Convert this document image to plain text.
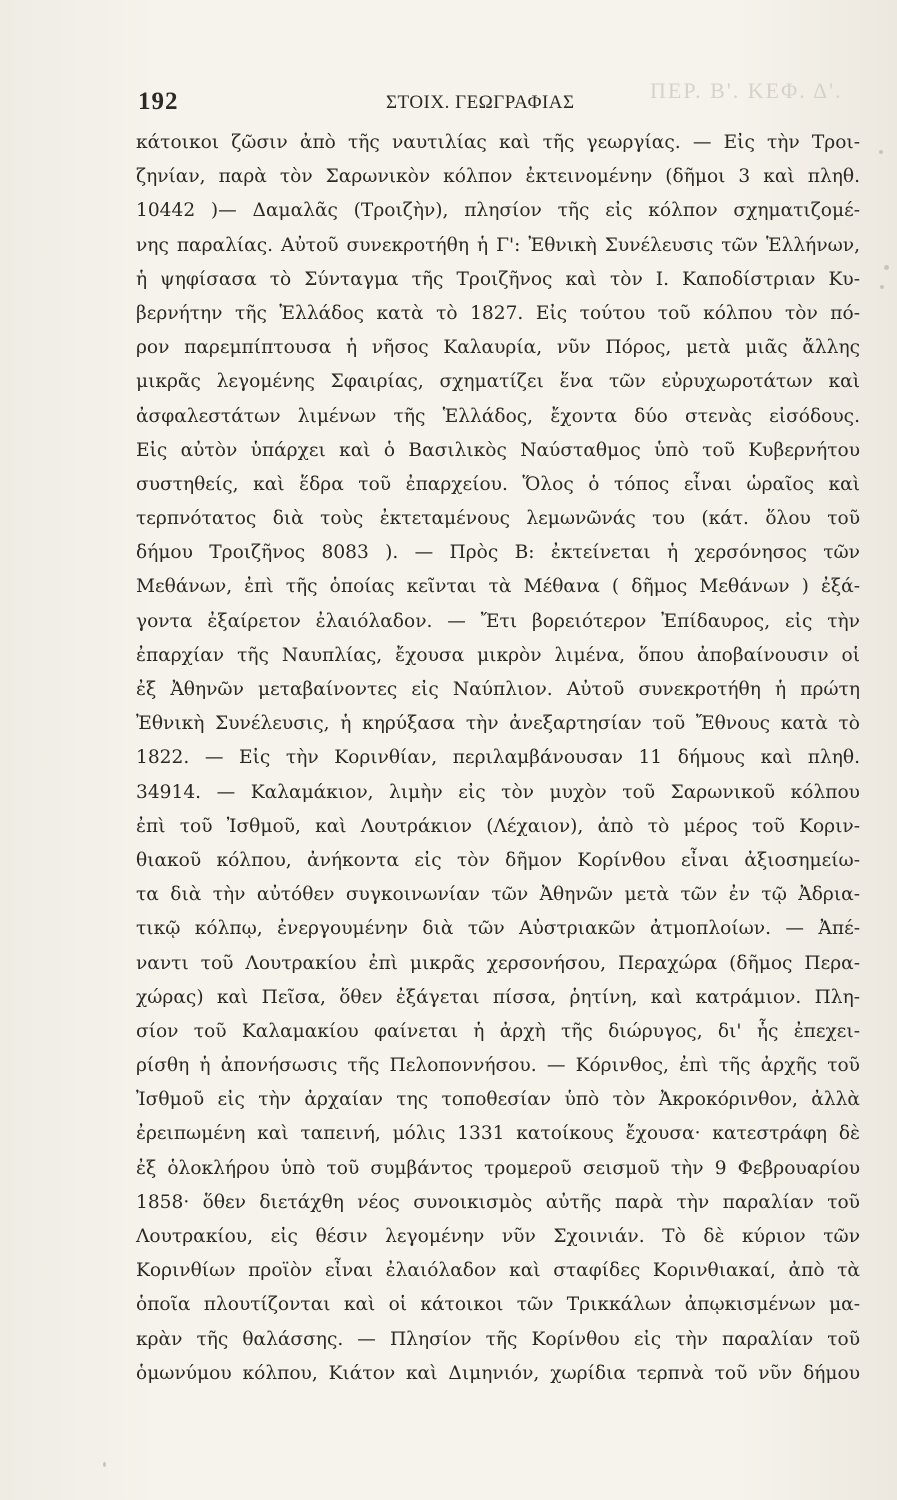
ΠΕΡ. Β'. ΚΕΦ. Δ'.
192	ΣΤΟΙΧ. ΓΕΩΓΡΑΦΙΑΣ
κάτοικοι ζῶσιν ἀπὸ τῆς ναυτιλίας καὶ τῆς γεωργίας. — Εἰς τὴν Τροι-
ζηνίαν, παρὰ τὸν Σαρωνικὸν κόλπον ἐκτεινομένην (δῆμοι 3 καὶ πληθ.
10442 )— Δαμαλᾶς (Τροιζὴν), πλησίον τῆς εἰς κόλπον σχηματιζομέ-
νης παραλίας. Αὐτοῦ συνεκροτήθη ἡ Γ': Ἐθνικὴ Συνέλευσις τῶν Ἑλλήνων,
ἡ ψηφίσασα τὸ Σύνταγμα τῆς Τροιζῆνος καὶ τὸν Ι. Καποδίστριαν Κυ-
βερνήτην τῆς Ἑλλάδος κατὰ τὸ 1827. Εἰς τούτου τοῦ κόλπου τὸν πό-
ρον παρεμπίπτουσα ἡ νῆσος Καλαυρία, νῦν Πόρος, μετὰ μιᾶς ἄλλης
μικρᾶς λεγομένης Σφαιρίας, σχηματίζει ἕνα τῶν εὐρυχωροτάτων καὶ
ἀσφαλεστάτων λιμένων τῆς Ἑλλάδος, ἔχοντα δύο στενὰς εἰσόδους.
Εἰς αὐτὸν ὑπάρχει καὶ ὁ Βασιλικὸς Ναύσταθμος ὑπὸ τοῦ Κυβερνήτου
συστηθείς, καὶ ἕδρα τοῦ ἐπαρχείου. Ὅλος ὁ τόπος εἶναι ὡραῖος καὶ
τερπνότατος διὰ τοὺς ἐκτεταμένους λεμωνῶνάς του (κάτ. ὅλου τοῦ
δήμου Τροιζῆνος 8083 ). — Πρὸς Β: ἐκτείνεται ἡ χερσόνησος τῶν
Μεθάνων, ἐπὶ τῆς ὁποίας κεῖνται τὰ Μέθανα ( δῆμος Μεθάνων ) ἐξά-
γοντα ἐξαίρετον ἐλαιόλαδον. — Ἔτι βορειότερον Ἐπίδαυρος, εἰς τὴν
ἐπαρχίαν τῆς Ναυπλίας, ἔχουσα μικρὸν λιμένα, ὅπου ἀποβαίνουσιν οἱ
ἐξ Ἀθηνῶν μεταβαίνοντες εἰς Ναύπλιον. Αὐτοῦ συνεκροτήθη ἡ πρώτη
Ἐθνικὴ Συνέλευσις, ἡ κηρύξασα τὴν ἀνεξαρτησίαν τοῦ Ἔθνους κατὰ τὸ
1822. — Εἰς τὴν Κορινθίαν, περιλαμβάνουσαν 11 δήμους καὶ πληθ.
34914. — Καλαμάκιον, λιμὴν εἰς τὸν μυχὸν τοῦ Σαρωνικοῦ κόλπου
ἐπὶ τοῦ Ἰσθμοῦ, καὶ Λουτράκιον (Λέχαιον), ἀπὸ τὸ μέρος τοῦ Κοριν-
θιακοῦ κόλπου, ἀνήκοντα εἰς τὸν δῆμον Κορίνθου εἶναι ἀξιοσημείω-
τα διὰ τὴν αὐτόθεν συγκοινωνίαν τῶν Ἀθηνῶν μετὰ τῶν ἐν τῷ Ἀδρια-
τικῷ κόλπῳ, ἐνεργουμένην διὰ τῶν Αὐστριακῶν ἀτμοπλοίων. — Ἀπέ-
ναντι τοῦ Λουτρακίου ἐπὶ μικρᾶς χερσονήσου, Περαχώρα (δῆμος Περα-
χώρας) καὶ Πεῖσα, ὅθεν ἐξάγεται πίσσα, ῥητίνη, καὶ κατράμιον. Πλη-
σίον τοῦ Καλαμακίου φαίνεται ἡ ἀρχὴ τῆς διώρυγος, δι' ἧς ἐπεχει-
ρίσθη ἡ ἀπονήσωσις τῆς Πελοποννήσου. — Κόρινθος, ἐπὶ τῆς ἀρχῆς τοῦ
Ἰσθμοῦ εἰς τὴν ἀρχαίαν της τοποθεσίαν ὑπὸ τὸν Ἀκροκόρινθον, ἀλλὰ
ἐρειπωμένη καὶ ταπεινή, μόλις 1331 κατοίκους ἔχουσα· κατεστράφη δὲ
ἐξ ὁλοκλήρου ὑπὸ τοῦ συμβάντος τρομεροῦ σεισμοῦ τὴν 9 Φεβρουαρίου
1858· ὅθεν διετάχθη νέος συνοικισμὸς αὐτῆς παρὰ τὴν παραλίαν τοῦ
Λουτρακίου, εἰς θέσιν λεγομένην νῦν Σχοινιάν. Τὸ δὲ κύριον τῶν
Κορινθίων προϊὸν εἶναι ἐλαιόλαδον καὶ σταφίδες Κορινθιακαί, ἀπὸ τὰ
ὁποῖα πλουτίζονται καὶ οἱ κάτοικοι τῶν Τρικκάλων ἀπῳκισμένων μα-
κρὰν τῆς θαλάσσης. — Πλησίον τῆς Κορίνθου εἰς τὴν παραλίαν τοῦ
ὁμωνύμου κόλπου, Κιάτον καὶ Διμηνιόν, χωρίδια τερπνὰ τοῦ νῦν δήμου
